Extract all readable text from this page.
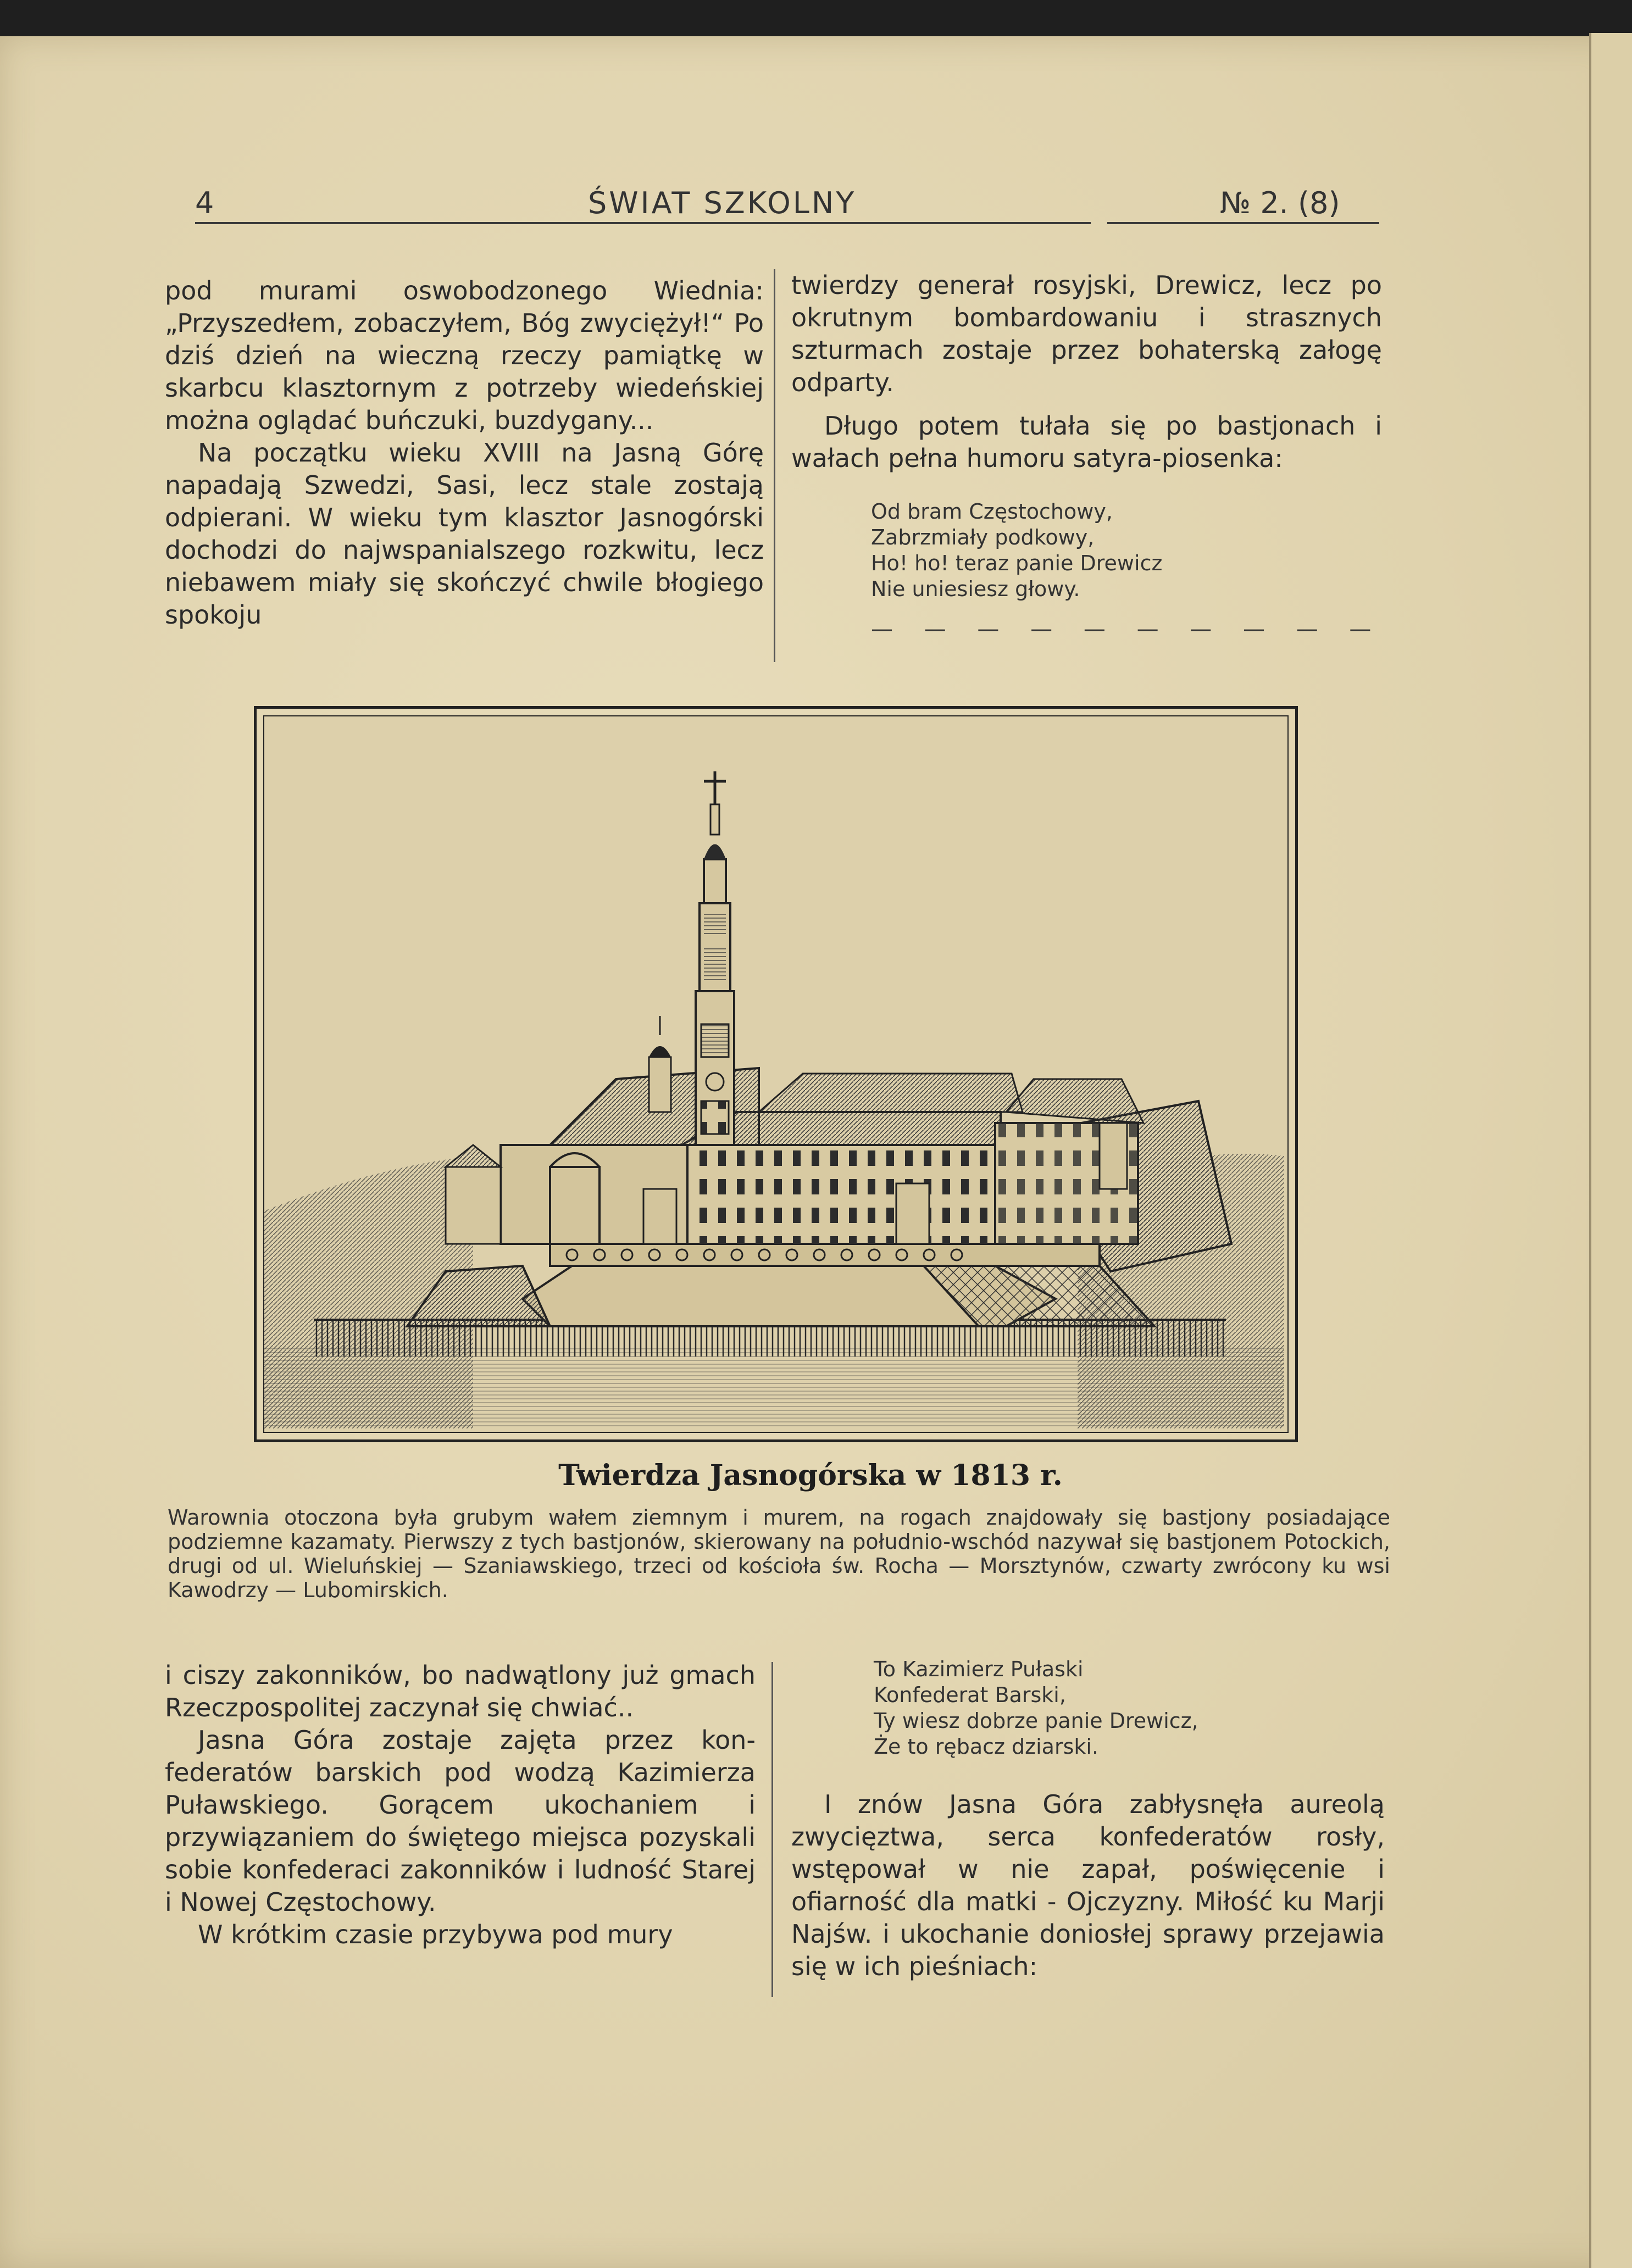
4	ŚWIAT SZKOLNY	№ 2. (8)

pod murami oswobodzonego Wiednia: „Przyszedłem, zobaczyłem, Bóg zwyciężył!“ Po dziś dzień na wieczną rzeczy pamiątkę w skarbcu klasztornym z potrzeby wiedeńskiej można oglądać buńczuki, buzdygany...

Na początku wieku XVIII na Jasną Górę napadają Szwedzi, Sasi, lecz stale zostają odpierani. W wieku tym klasztor Jasnogórski dochodzi do najwspanialszego rozkwitu, lecz niebawem miały się skończyć chwile błogiego spokoju

twierdzy generał rosyjski, Drewicz, lecz po okrutnym bombardowaniu i strasznych szturmach zostaje przez bohaterską załogę odparty.

Długo potem tułała się po bastjonach i wałach pełna humoru satyra-piosenka:

Od bram Częstochowy,
Zabrzmiały podkowy,
Ho! ho! teraz panie Drewicz
Nie uniesiesz głowy.
— — — — — — — — — —
Twierdza Jasnogórska w 1813 r.

Warownia otoczona była grubym wałem ziemnym i murem, na rogach znajdowały się bastjony posiadające podziemne kazamaty. Pierwszy z tych bastjonów, skierowany na południo-wschód nazywał się bastjonem Potockich, drugi od ul. Wieluńskiej — Szaniawskiego, trzeci od kościoła św. Rocha — Morsztynów, czwarty zwrócony ku wsi Kawodrzy — Lubomirskich.

i ciszy zakonników, bo nadwątlony już gmach Rzeczpospolitej zaczynał się chwiać..

Jasna Góra zostaje zajęta przez konfederatów barskich pod wodzą Kazimierza Puławskiego. Gorącem ukochaniem i przywiązaniem do świętego miejsca pozyskali sobie konfederaci zakonników i ludność Starej i Nowej Częstochowy.

W krótkim czasie przybywa pod mury

To Kazimierz Pułaski
Konfederat Barski,
Ty wiesz dobrze panie Drewicz,
Że to rębacz dziarski.

I znów Jasna Góra zabłysnęła aureolą zwycięztwa, serca konfederatów rosły, wstępował w nie zapał, poświęcenie i ofiarność dla matki - Ojczyzny. Miłość ku Marji Najśw. i ukochanie doniosłej sprawy przejawia się w ich pieśniach:
